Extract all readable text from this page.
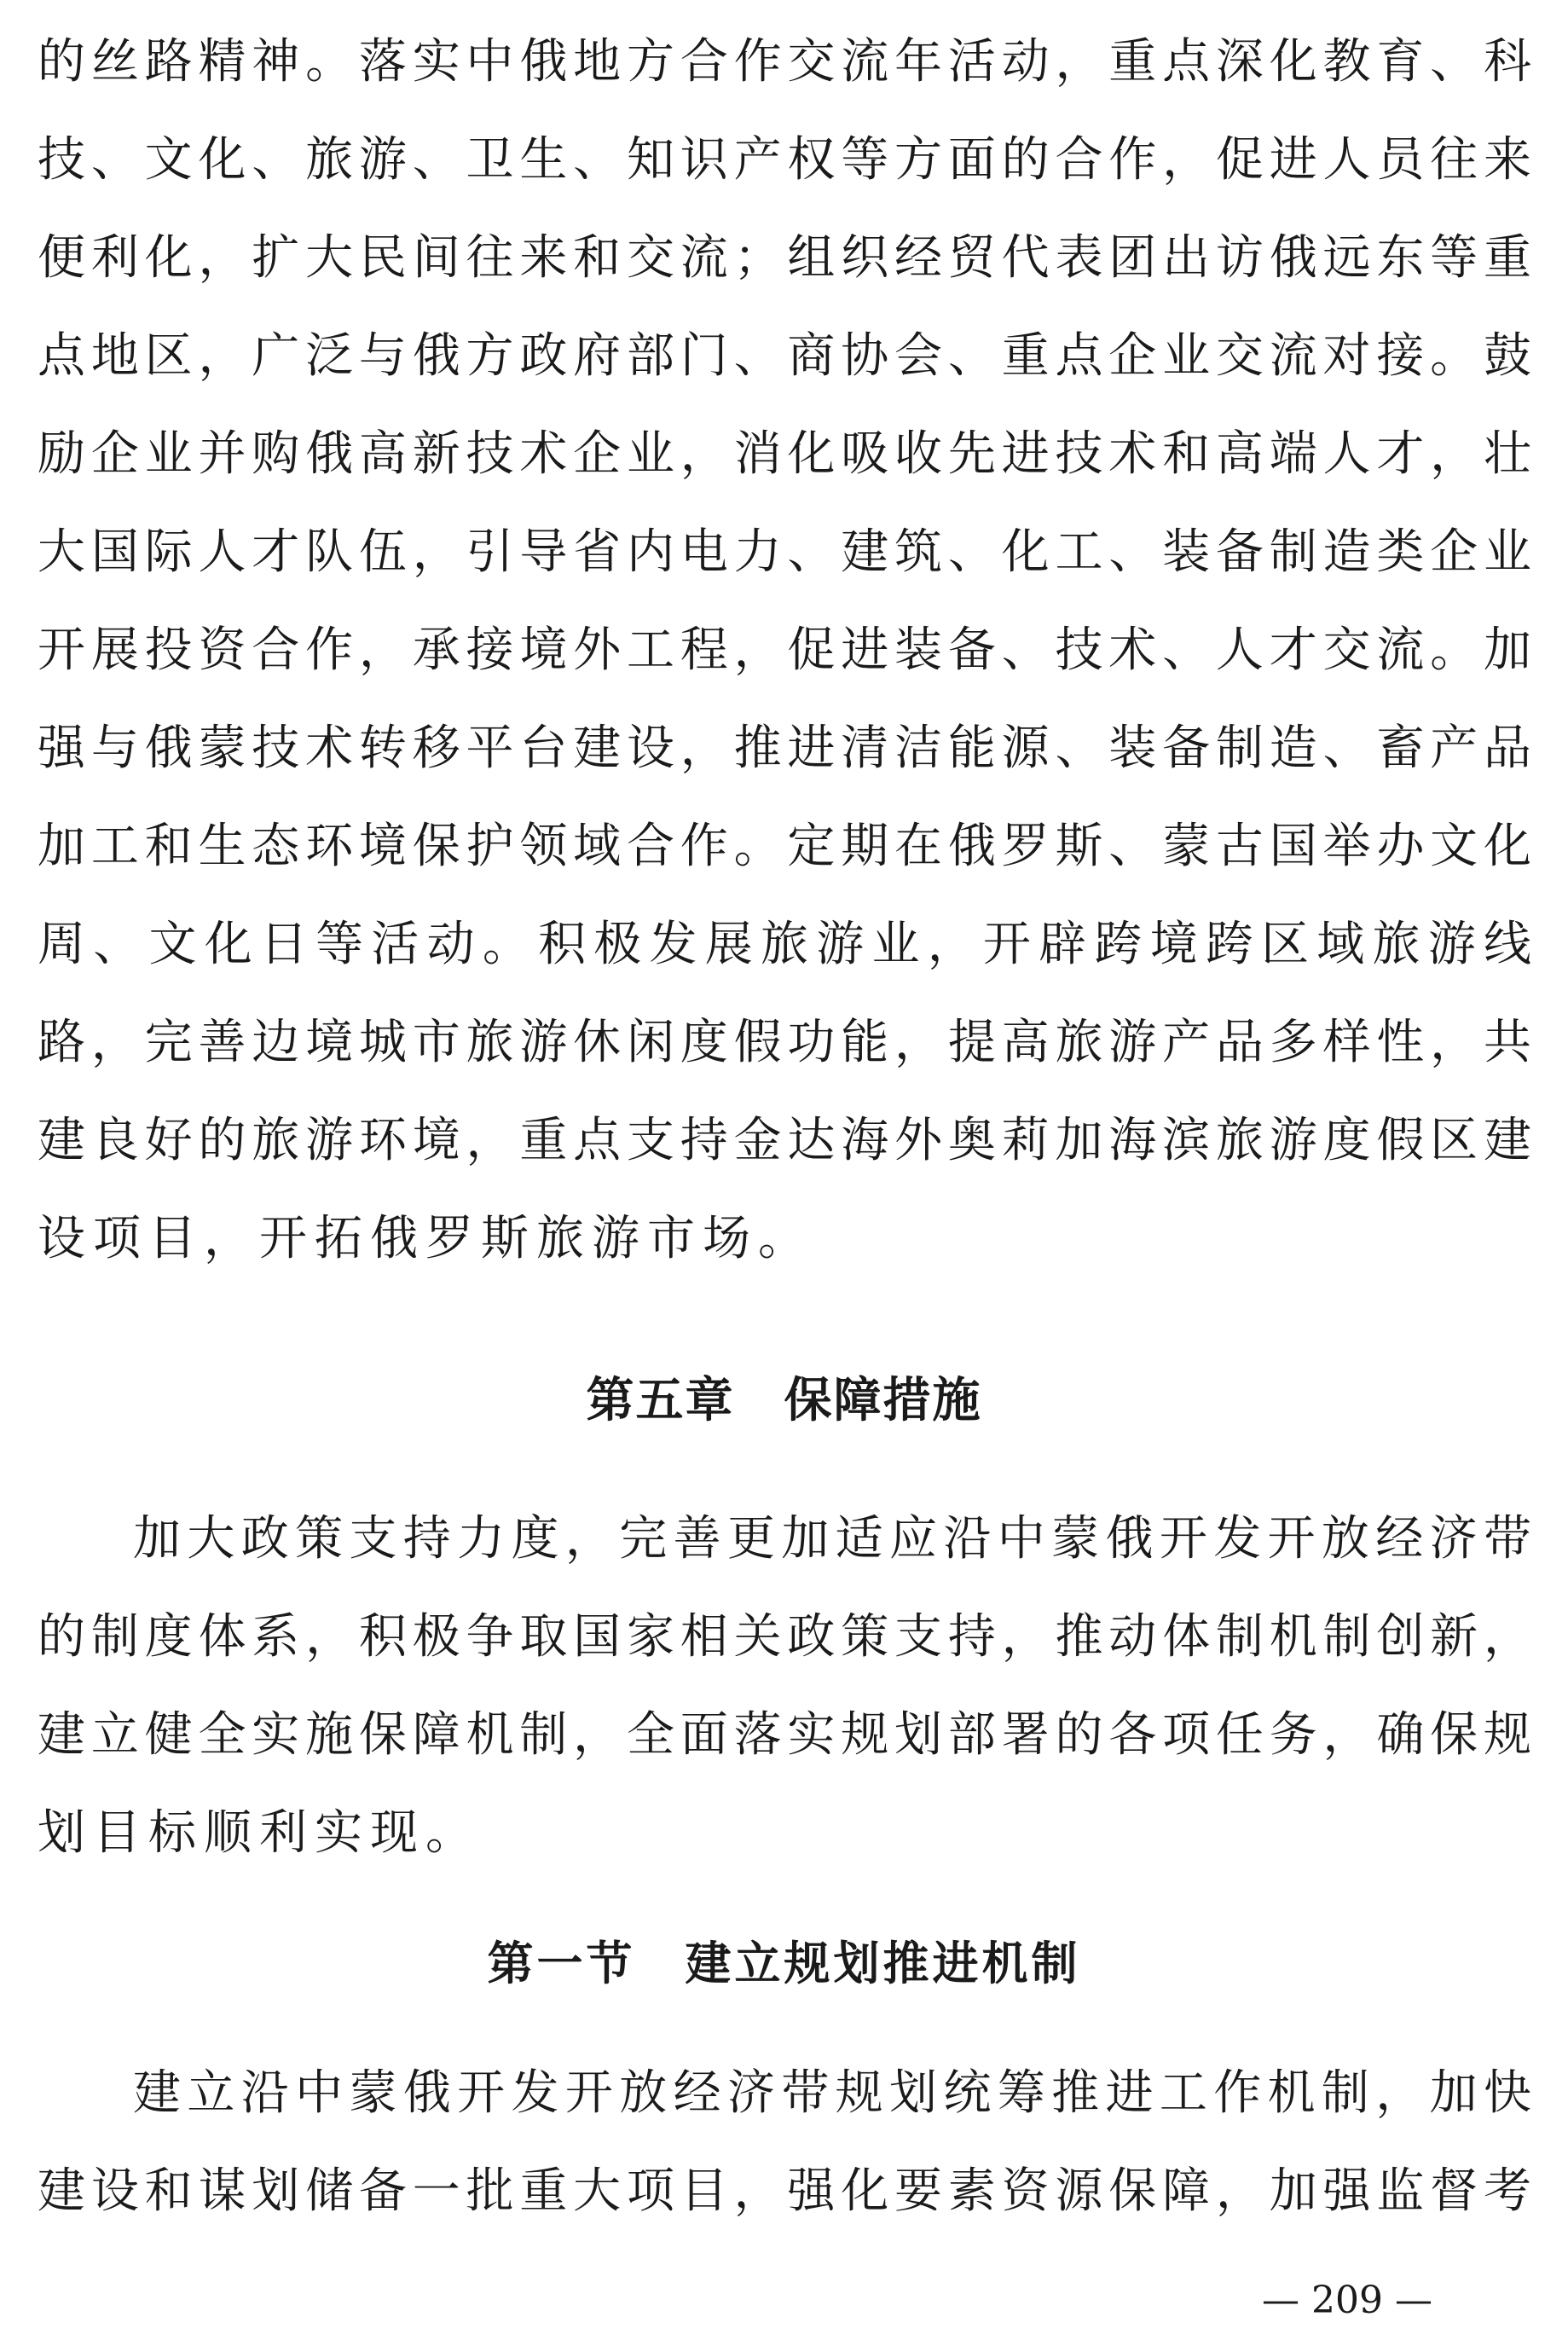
的丝路精神。落实中俄地方合作交流年活动，重点深化教育、科
技、文化、旅游、卫生、知识产权等方面的合作，促进人员往来
便利化，扩大民间往来和交流；组织经贸代表团出访俄远东等重
点地区，广泛与俄方政府部门、商协会、重点企业交流对接。鼓
励企业并购俄高新技术企业，消化吸收先进技术和高端人才，壮
大国际人才队伍，引导省内电力、建筑、化工、装备制造类企业
开展投资合作，承接境外工程，促进装备、技术、人才交流。加
强与俄蒙技术转移平台建设，推进清洁能源、装备制造、畜产品
加工和生态环境保护领域合作。定期在俄罗斯、蒙古国举办文化
周、文化日等活动。积极发展旅游业，开辟跨境跨区域旅游线
路，完善边境城市旅游休闲度假功能，提高旅游产品多样性，共
建良好的旅游环境，重点支持金达海外奥莉加海滨旅游度假区建
设项目，开拓俄罗斯旅游市场。
第五章　保障措施
加大政策支持力度，完善更加适应沿中蒙俄开发开放经济带
的制度体系，积极争取国家相关政策支持，推动体制机制创新，
建立健全实施保障机制，全面落实规划部署的各项任务，确保规
划目标顺利实现。
第一节　建立规划推进机制
建立沿中蒙俄开发开放经济带规划统筹推进工作机制，加快
建设和谋划储备一批重大项目，强化要素资源保障，加强监督考
— 209 —
